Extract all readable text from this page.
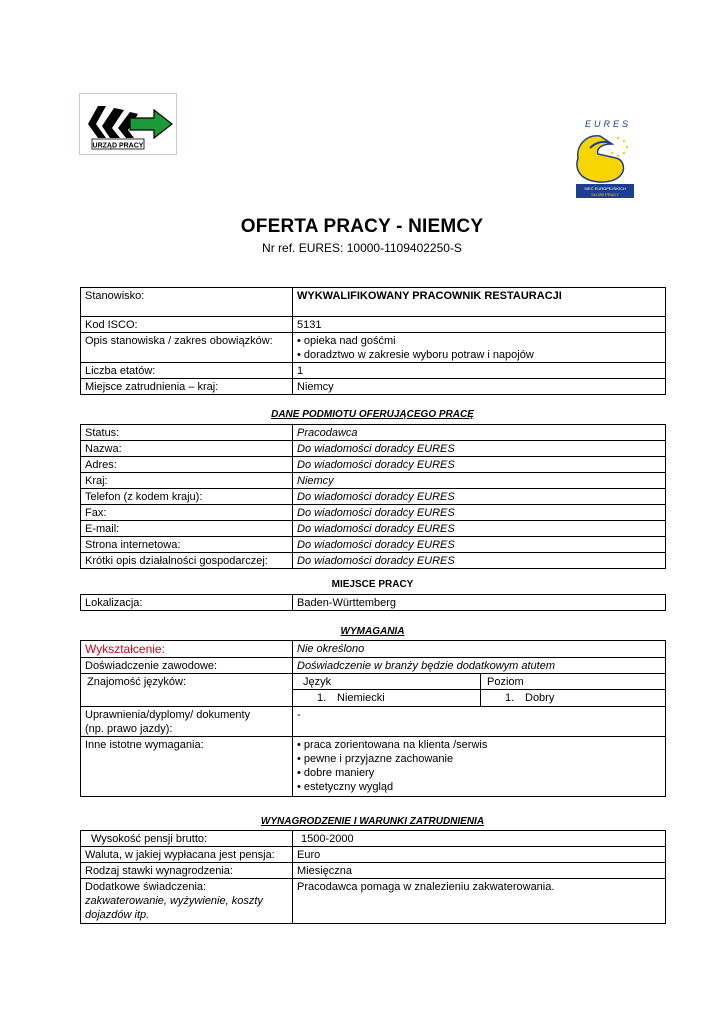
URZĄD PRACY
EURES
SIEĆ EUROPEJSKICH
SŁUŻB PRACY
OFERTA PRACY - NIEMCY
Nr ref. EURES: 10000-1109402250-S
Stanowisko:	WYKWALIFIKOWANY PRACOWNIK RESTAURACJI
Kod ISCO:	5131
Opis stanowiska / zakres obowiązków:	• opieka nad gośćmi
• doradztwo w zakresie wyboru potraw i napojów

Liczba etatów:	1
Miejsce zatrudnienia – kraj:	Niemcy
DANE PODMIOTU OFERUJĄCEGO PRACĘ
Status:	Pracodawca
Nazwa:	Do wiadomości doradcy EURES
Adres:	Do wiadomości doradcy EURES
Kraj:	Niemcy
Telefon (z kodem kraju):	Do wiadomości doradcy EURES
Fax:	Do wiadomości doradcy EURES
E-mail:	Do wiadomości doradcy EURES
Strona internetowa:	Do wiadomości doradcy EURES
Krótki opis działalności gospodarczej:	Do wiadomości doradcy EURES
MIEJSCE PRACY
Lokalizacja:	Baden-Württemberg
WYMAGANIA
Wykształcenie:	Nie określono	
Doświadczenie zawodowe:	Doświadczenie w branży będzie dodatkowym atutem	
Znajomość języków:	Język	Poziom
	1. Niemiecki	1. Dobry

Uprawnienia/dyplomy/ dokumenty
(np. prawo jazdy):	-	
Inne istotne wymagania:	• praca zorientowana na klienta /serwis
• pewne i przyjazne zachowanie
• dobre maniery
• estetyczny wygląd	
WYNAGRODZENIE I WARUNKI ZATRUDNIENIA
Wysokość pensji brutto:	1500-2000
Waluta, w jakiej wypłacana jest pensja:	Euro
Rodzaj stawki wynagrodzenia:	Miesięczna

Dodatkowe świadczenia:
zakwaterowanie, wyżywienie, koszty dojazdów itp.	Pracodawca pomaga w znalezieniu zakwaterowania.
